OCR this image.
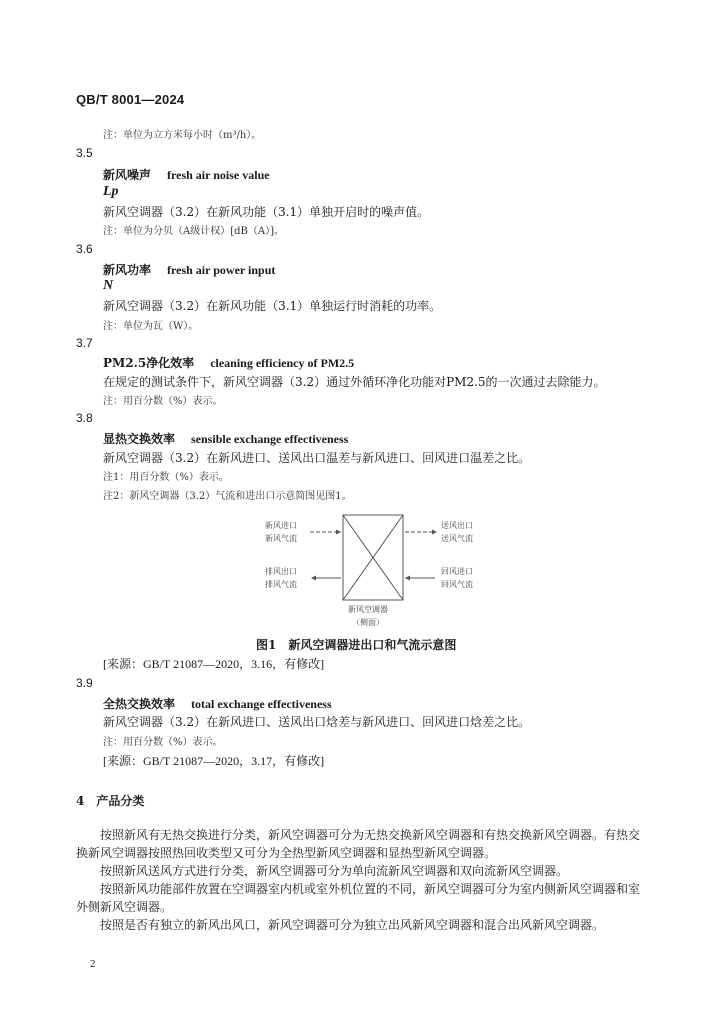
QB/T 8001—2024
注：单位为立方米每小时（m³/h）。
3.5
新风噪声 fresh air noise value
Lp
新风空调器（3.2）在新风功能（3.1）单独开启时的噪声值。
注：单位为分贝（A级计权）[dB（A）]。
3.6
新风功率 fresh air power input
N
新风空调器（3.2）在新风功能（3.1）单独运行时消耗的功率。
注：单位为瓦（W）。
3.7
PM2.5净化效率 cleaning efficiency of PM2.5
在规定的测试条件下，新风空调器（3.2）通过外循环净化功能对PM2.5的一次通过去除能力。
注：用百分数（%）表示。
3.8
显热交换效率 sensible exchange effectiveness
新风空调器（3.2）在新风进口、送风出口温差与新风进口、回风进口温差之比。
注1：用百分数（%）表示。
注2：新风空调器（3.2）气流和进出口示意简图见图1。
新风进口
新风气流
排风出口
排风气流
送风出口
送风气流
回风进口
回风气流
新风空调器
（侧面）
图1　新风空调器进出口和气流示意图
[来源：GB/T 21087—2020，3.16，有修改]
3.9
全热交换效率 total exchange effectiveness
新风空调器（3.2）在新风进口、送风出口焓差与新风进口、回风进口焓差之比。
注：用百分数（%）表示。
[来源：GB/T 21087—2020，3.17，有修改]
4　产品分类
按照新风有无热交换进行分类，新风空调器可分为无热交换新风空调器和有热交换新风空调器。有热交换新风空调器按照热回收类型又可分为全热型新风空调器和显热型新风空调器。
按照新风送风方式进行分类，新风空调器可分为单向流新风空调器和双向流新风空调器。
按照新风功能部件放置在空调器室内机或室外机位置的不同，新风空调器可分为室内侧新风空调器和室外侧新风空调器。
按照是否有独立的新风出风口，新风空调器可分为独立出风新风空调器和混合出风新风空调器。
2
